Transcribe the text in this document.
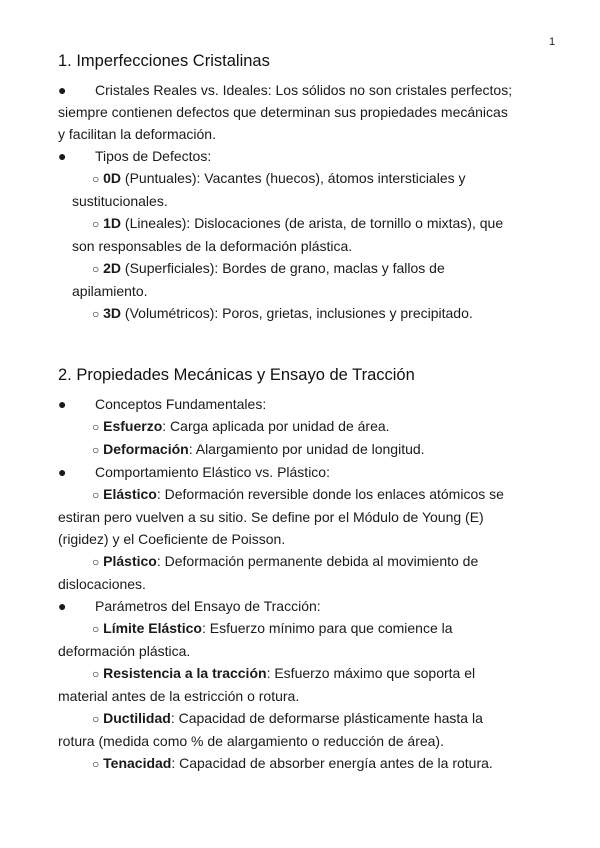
1
1. Imperfecciones Cristalinas
● Cristales Reales vs. Ideales: Los sólidos no son cristales perfectos;
siempre contienen defectos que determinan sus propiedades mecánicas
y facilitan la deformación.
● Tipos de Defectos:
○ 0D (Puntuales): Vacantes (huecos), átomos intersticiales y
sustitucionales.
○ 1D (Lineales): Dislocaciones (de arista, de tornillo o mixtas), que
son responsables de la deformación plástica.
○ 2D (Superficiales): Bordes de grano, maclas y fallos de
apilamiento.
○ 3D (Volumétricos): Poros, grietas, inclusiones y precipitado.
2. Propiedades Mecánicas y Ensayo de Tracción
● Conceptos Fundamentales:
○ Esfuerzo: Carga aplicada por unidad de área.
○ Deformación: Alargamiento por unidad de longitud.
● Comportamiento Elástico vs. Plástico:
○ Elástico: Deformación reversible donde los enlaces atómicos se
estiran pero vuelven a su sitio. Se define por el Módulo de Young (E)
(rigidez) y el Coeficiente de Poisson.
○ Plástico: Deformación permanente debida al movimiento de
dislocaciones.
● Parámetros del Ensayo de Tracción:
○ Límite Elástico: Esfuerzo mínimo para que comience la
deformación plástica.
○ Resistencia a la tracción: Esfuerzo máximo que soporta el
material antes de la estricción o rotura.
○ Ductilidad: Capacidad de deformarse plásticamente hasta la
rotura (medida como % de alargamiento o reducción de área).
○ Tenacidad: Capacidad de absorber energía antes de la rotura.
